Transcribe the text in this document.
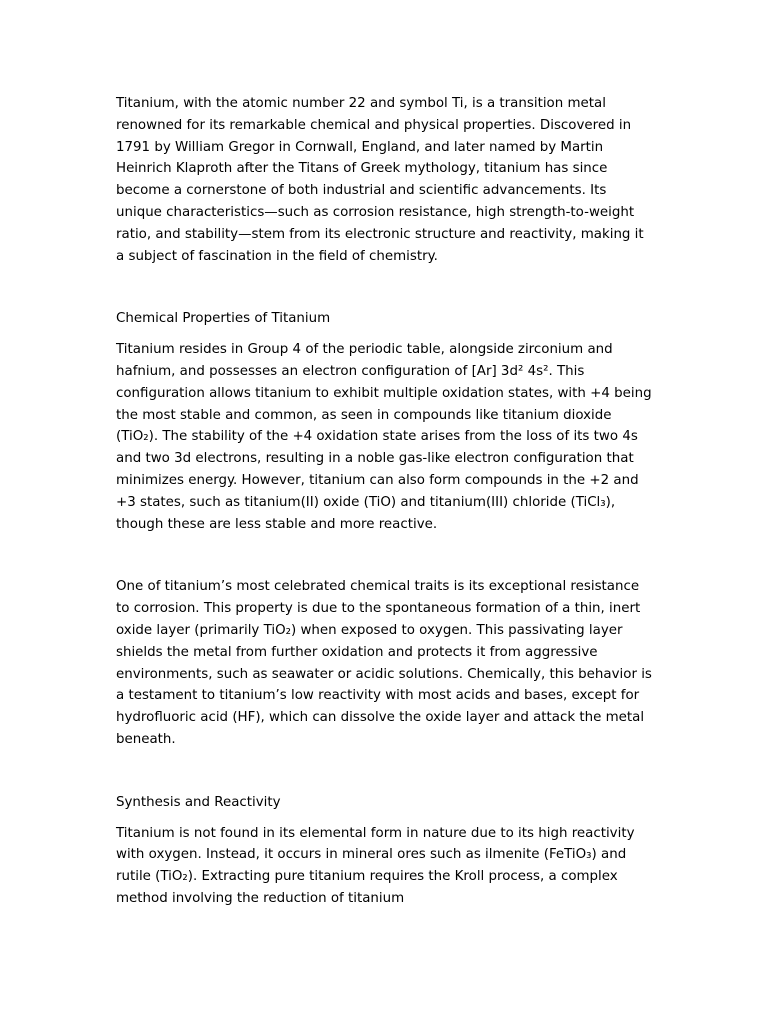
Titanium, with the atomic number 22 and symbol Ti, is a transition metal renowned for its remarkable chemical and physical properties. Discovered in 1791 by William Gregor in Cornwall, England, and later named by Martin Heinrich Klaproth after the Titans of Greek mythology, titanium has since become a cornerstone of both industrial and scientific advancements. Its unique characteristics—such as corrosion resistance, high strength-to-weight ratio, and stability—stem from its electronic structure and reactivity, making it a subject of fascination in the field of chemistry.

Chemical Properties of Titanium

Titanium resides in Group 4 of the periodic table, alongside zirconium and hafnium, and possesses an electron configuration of [Ar] 3d² 4s². This configuration allows titanium to exhibit multiple oxidation states, with +4 being the most stable and common, as seen in compounds like titanium dioxide (TiO₂). The stability of the +4 oxidation state arises from the loss of its two 4s and two 3d electrons, resulting in a noble gas-like electron configuration that minimizes energy. However, titanium can also form compounds in the +2 and +3 states, such as titanium(II) oxide (TiO) and titanium(III) chloride (TiCl₃), though these are less stable and more reactive.

One of titanium’s most celebrated chemical traits is its exceptional resistance to corrosion. This property is due to the spontaneous formation of a thin, inert oxide layer (primarily TiO₂) when exposed to oxygen. This passivating layer shields the metal from further oxidation and protects it from aggressive environments, such as seawater or acidic solutions. Chemically, this behavior is a testament to titanium’s low reactivity with most acids and bases, except for hydrofluoric acid (HF), which can dissolve the oxide layer and attack the metal beneath.

Synthesis and Reactivity

Titanium is not found in its elemental form in nature due to its high reactivity with oxygen. Instead, it occurs in mineral ores such as ilmenite (FeTiO₃) and rutile (TiO₂). Extracting pure titanium requires the Kroll process, a complex method involving the reduction of titanium
